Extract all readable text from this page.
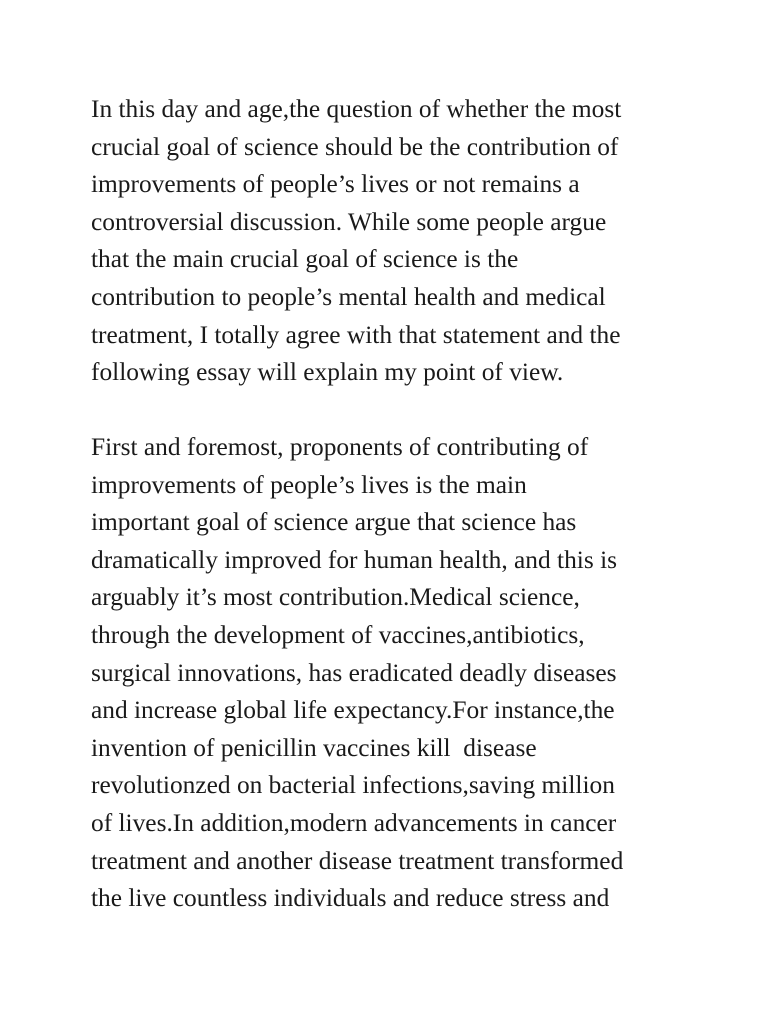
In this day and age,the question of whether the most
crucial goal of science should be the contribution of
improvements of people’s lives or not remains a
controversial discussion. While some people argue
that the main crucial goal of science is the
contribution to people’s mental health and medical
treatment, I totally agree with that statement and the
following essay will explain my point of view.
First and foremost, proponents of contributing of
improvements of people’s lives is the main
important goal of science argue that science has
dramatically improved for human health, and this is
arguably it’s most contribution.Medical science,
through the development of vaccines,antibiotics,
surgical innovations, has eradicated deadly diseases
and increase global life expectancy.For instance,the
invention of penicillin vaccines kill  disease
revolutionzed on bacterial infections,saving million
of lives.In addition,modern advancements in cancer
treatment and another disease treatment transformed
the live countless individuals and reduce stress and
